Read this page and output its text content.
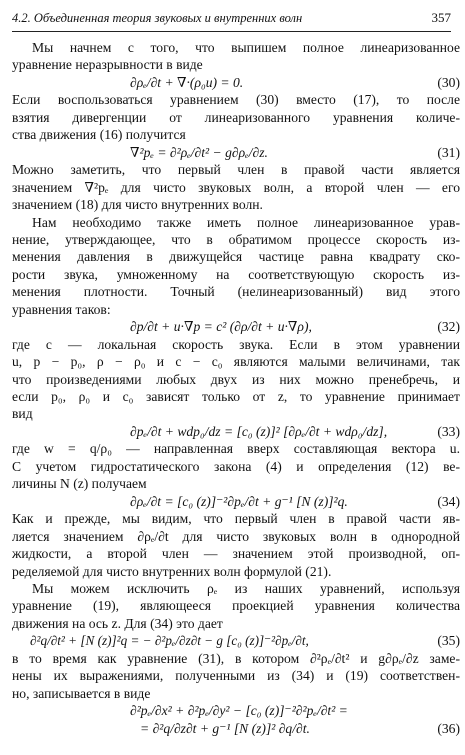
4.2. Объединенная теория звуковых и внутренних волн	357
Мы начнем с того, что выпишем полное линеаризованное
уравнение неразрывности в виде
∂ρₑ/∂t + ∇·(ρ₀u) = 0.	(30)
Если воспользоваться уравнением (30) вместо (17), то после
взятия дивергенции от линеаризованного уравнения количе-
ства движения (16) получится
∇²pₑ = ∂²ρₑ/∂t² − g∂ρₑ/∂z.	(31)
Можно заметить, что первый член в правой части является
значением ∇²pₑ для чисто звуковых волн, а второй член — его
значением (18) для чисто внутренних волн.
Нам необходимо также иметь полное линеаризованное урав-
нение, утверждающее, что в обратимом процессе скорость из-
менения давления в движущейся частице равна квадрату ско-
рости звука, умноженному на соответствующую скорость из-
менения плотности. Точный (нелинеаризованный) вид этого
уравнения таков:
∂p/∂t + u·∇p = c² (∂ρ/∂t + u·∇ρ),	(32)
где c — локальная скорость звука. Если в этом уравнении
u, p − p₀, ρ − ρ₀ и c − c₀ являются малыми величинами, так
что произведениями любых двух из них можно пренебречь, и
если p₀, ρ₀ и c₀ зависят только от z, то уравнение принимает
вид
∂pₑ/∂t + wdp₀/dz = [c₀ (z)]² [∂ρₑ/∂t + wdρ₀/dz],	(33)
где w = q/ρ₀ — направленная вверх составляющая вектора u.
С учетом гидростатического закона (4) и определения (12) ве-
личины N (z) получаем
∂ρₑ/∂t = [c₀ (z)]⁻²∂pₑ/∂t + g⁻¹ [N (z)]²q.	(34)
Как и прежде, мы видим, что первый член в правой части яв-
ляется значением ∂ρₑ/∂t для чисто звуковых волн в однородной
жидкости, а второй член — значением этой производной, оп-
ределяемой для чисто внутренних волн формулой (21).
Мы можем исключить ρₑ из наших уравнений, используя
уравнение (19), являющееся проекцией уравнения количества
движения на ось z. Для (34) это дает
∂²q/∂t² + [N (z)]²q = − ∂²pₑ/∂z∂t − g [c₀ (z)]⁻²∂pₑ/∂t,	(35)
в то время как уравнение (31), в котором ∂²ρₑ/∂t² и g∂ρₑ/∂z заме-
нены их выражениями, полученными из (34) и (19) соответствен-
но, записывается в виде
∂²pₑ/∂x² + ∂²pₑ/∂y² − [c₀ (z)]⁻²∂²pₑ/∂t² =
= ∂²q/∂z∂t + g⁻¹ [N (z)]² ∂q/∂t.	(36)
